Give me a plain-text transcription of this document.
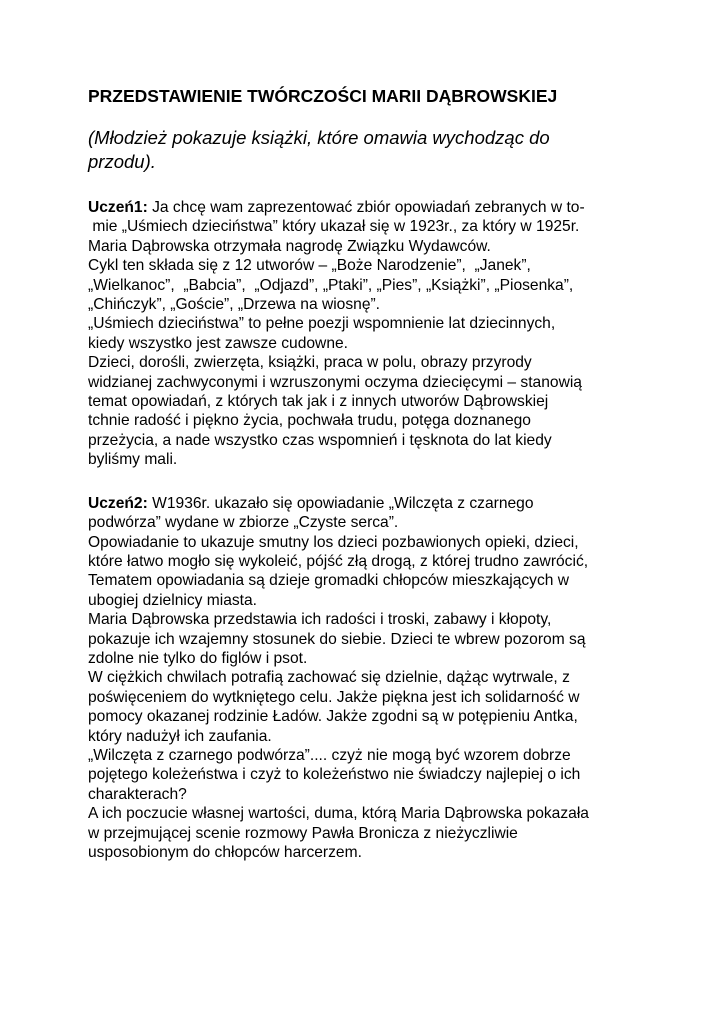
PRZEDSTAWIENIE TWÓRCZOŚCI MARII DĄBROWSKIEJ

(Młodzież pokazuje książki, które omawia wychodząc do
przodu).

Uczeń1: Ja chcę wam zaprezentować zbiór opowiadań zebranych w to-
mie „Uśmiech dzieciństwa” który ukazał się w 1923r., za który w 1925r.
Maria Dąbrowska otrzymała nagrodę Związku Wydawców.
Cykl ten składa się z 12 utworów – „Boże Narodzenie”,  „Janek”,
„Wielkanoc”,  „Babcia”,  „Odjazd”, „Ptaki”, „Pies”, „Książki”, „Piosenka”,
„Chińczyk”, „Goście”, „Drzewa na wiosnę”.
„Uśmiech dzieciństwa” to pełne poezji wspomnienie lat dziecinnych,
kiedy wszystko jest zawsze cudowne.
Dzieci, dorośli, zwierzęta, książki, praca w polu, obrazy przyrody
widzianej zachwyconymi i wzruszonymi oczyma dziecięcymi – stanowią
temat opowiadań, z których tak jak i z innych utworów Dąbrowskiej
tchnie radość i piękno życia, pochwała trudu, potęga doznanego
przeżycia, a nade wszystko czas wspomnień i tęsknota do lat kiedy
byliśmy mali.
Uczeń2: W1936r. ukazało się opowiadanie „Wilczęta z czarnego
podwórza” wydane w zbiorze „Czyste serca”.
Opowiadanie to ukazuje smutny los dzieci pozbawionych opieki, dzieci,
które łatwo mogło się wykoleić, pójść złą drogą, z której trudno zawrócić,
Tematem opowiadania są dzieje gromadki chłopców mieszkających w
ubogiej dzielnicy miasta.
Maria Dąbrowska przedstawia ich radości i troski, zabawy i kłopoty,
pokazuje ich wzajemny stosunek do siebie. Dzieci te wbrew pozorom są
zdolne nie tylko do figlów i psot.
W ciężkich chwilach potrafią zachować się dzielnie, dążąc wytrwale, z
poświęceniem do wytkniętego celu. Jakże piękna jest ich solidarność w
pomocy okazanej rodzinie Ładów. Jakże zgodni są w potępieniu Antka,
który nadużył ich zaufania.
„Wilczęta z czarnego podwórza”.... czyż nie mogą być wzorem dobrze
pojętego koleżeństwa i czyż to koleżeństwo nie świadczy najlepiej o ich
charakterach?
A ich poczucie własnej wartości, duma, którą Maria Dąbrowska pokazała
w przejmującej scenie rozmowy Pawła Bronicza z nieżyczliwie
usposobionym do chłopców harcerzem.
